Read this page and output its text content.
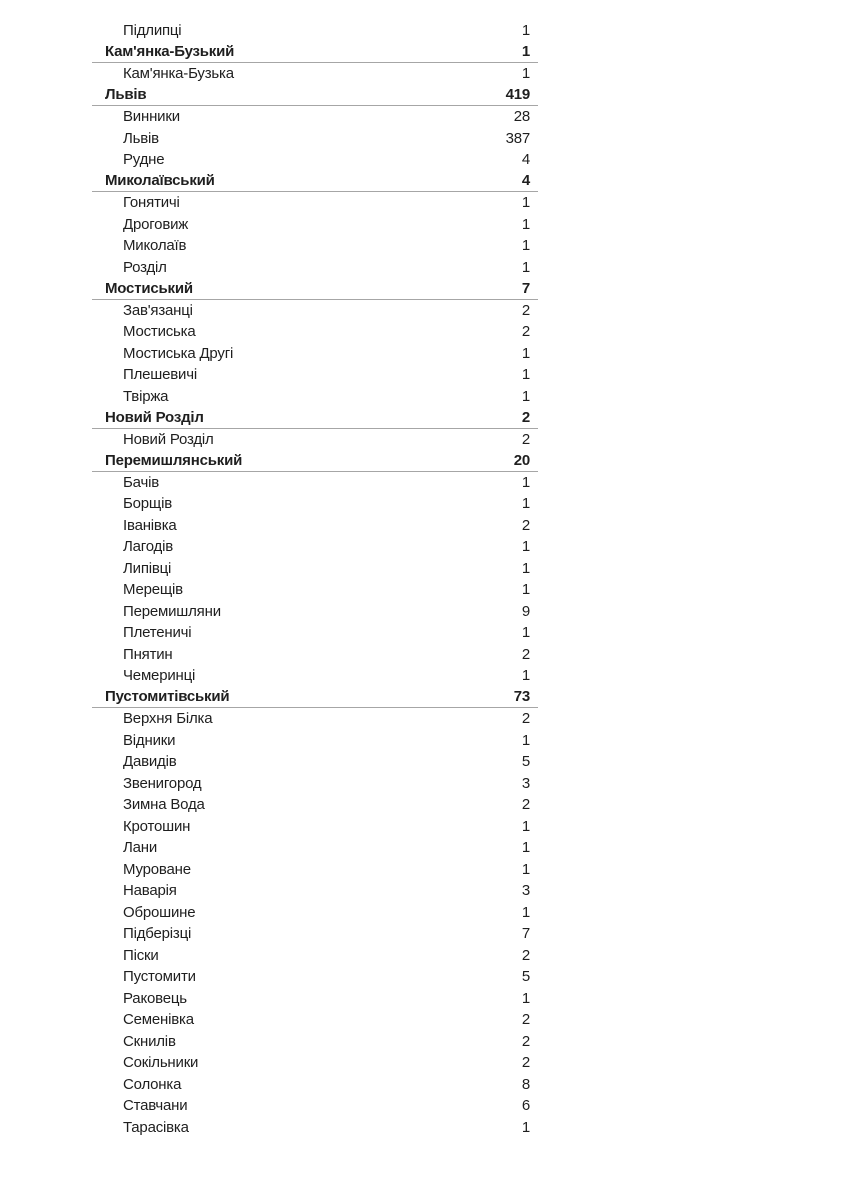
Підлипці	1
Кам'янка-Бузький	1
Кам'янка-Бузька	1
Львів	419
Винники	28
Львів	387
Рудне	4
Миколаївський	4
Гонятичі	1
Дроговиж	1
Миколаїв	1
Розділ	1
Мостиський	7
Зав'язанці	2
Мостиська	2
Мостиська Другі	1
Плешевичі	1
Твіржа	1
Новий Розділ	2
Новий Розділ	2
Перемишлянський	20
Бачів	1
Борщів	1
Іванівка	2
Лагодів	1
Липівці	1
Мерещів	1
Перемишляни	9
Плетеничі	1
Пнятин	2
Чемеринці	1
Пустомитівський	73
Верхня Білка	2
Відники	1
Давидів	5
Звенигород	3
Зимна Вода	2
Кротошин	1
Лани	1
Муроване	1
Наварія	3
Оброшине	1
Підберізці	7
Піски	2
Пустомити	5
Раковець	1
Семенівка	2
Скнилів	2
Сокільники	2
Солонка	8
Ставчани	6
Тарасівка	1
